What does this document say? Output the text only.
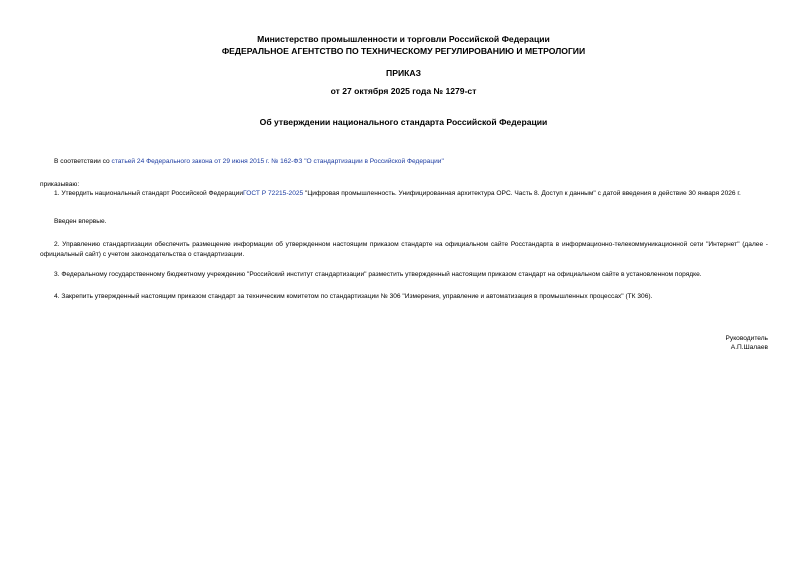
Министерство промышленности и торговли Российской Федерации
ФЕДЕРАЛЬНОЕ АГЕНТСТВО ПО ТЕХНИЧЕСКОМУ РЕГУЛИРОВАНИЮ И МЕТРОЛОГИИ
ПРИКАЗ
от 27 октября 2025 года № 1279-ст
Об утверждении национального стандарта Российской Федерации
В соответствии со статьей 24 Федерального закона от 29 июня 2015 г. № 162-ФЗ "О стандартизации в Российской Федерации"
приказываю:
1. Утвердить национальный стандарт Российской ФедерацииГОСТ Р 72215-2025 "Цифровая промышленность. Унифицированная архитектура OPC. Часть 8. Доступ к данным" с датой введения в действие 30 января 2026 г.
Введен впервые.
2. Управлению стандартизации обеспечить размещение информации об утвержденном настоящим приказом стандарте на официальном сайте Росстандарта в информационно-телекоммуникационной сети "Интернет" (далее - официальный сайт) с учетом законодательства о стандартизации.
3. Федеральному государственному бюджетному учреждению "Российский институт стандартизации" разместить утвержденный настоящим приказом стандарт на официальном сайте в установленном порядке.
4. Закрепить утвержденный настоящим приказом стандарт за техническим комитетом по стандартизации № 306 "Измерения, управление и автоматизация в промышленных процессах" (ТК 306).
Руководитель
А.П.Шалаев
